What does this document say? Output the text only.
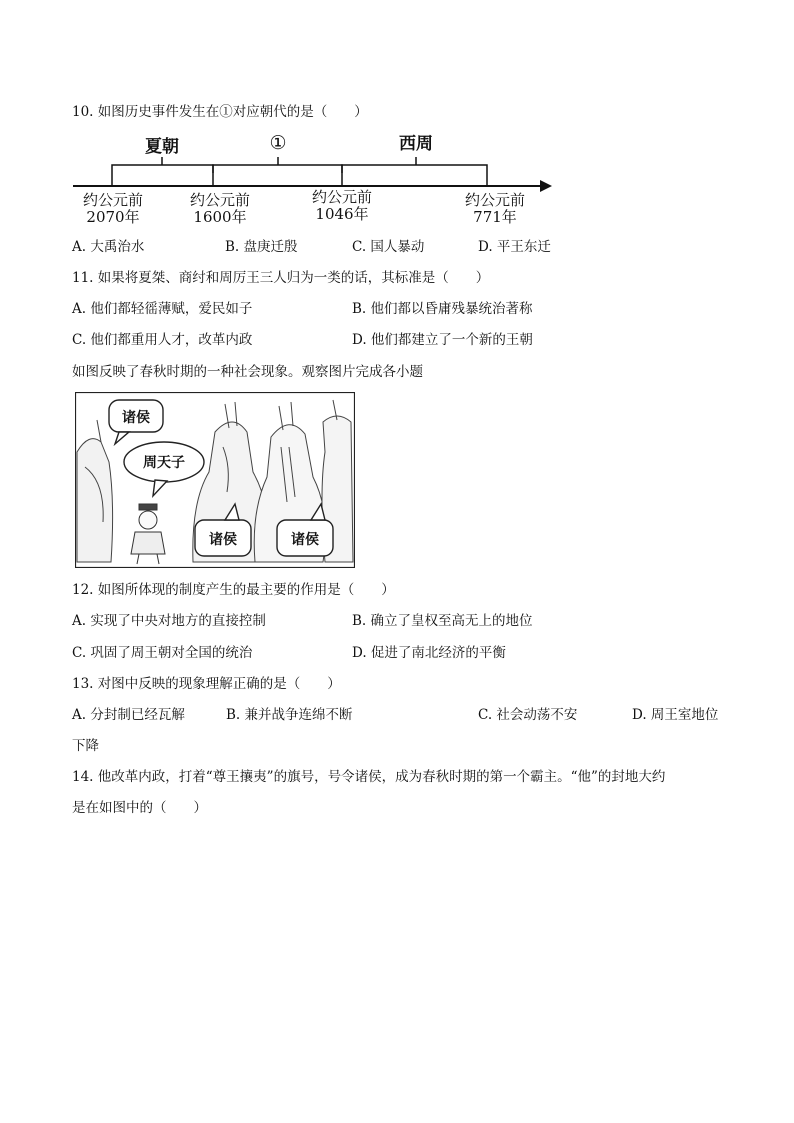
10. 如图历史事件发生在①对应朝代的是（　　）
夏朝	①	西周
约公元前
2070年
约公元前
1600年
约公元前
1046年
约公元前
771年
A. 大禹治水	B. 盘庚迁殷	C. 国人暴动	D. 平王东迁
11. 如果将夏桀、商纣和周厉王三人归为一类的话，其标准是（　　）
A. 他们都轻徭薄赋，爱民如子	B. 他们都以昏庸残暴统治著称
C. 他们都重用人才，改革内政	D. 他们都建立了一个新的王朝
如图反映了春秋时期的一种社会现象。观察图片完成各小题
诸侯
周天子
诸侯	诸侯
12. 如图所体现的制度产生的最主要的作用是（　　）
A. 实现了中央对地方的直接控制	B. 确立了皇权至高无上的地位
C. 巩固了周王朝对全国的统治	D. 促进了南北经济的平衡
13. 对图中反映的现象理解正确的是（　　）
A. 分封制已经瓦解	B. 兼并战争连绵不断	C. 社会动荡不安	D. 周王室地位
下降
14. 他改革内政，打着“尊王攘夷”的旗号，号令诸侯，成为春秋时期的第一个霸主。“他”的封地大约
是在如图中的（　　）
